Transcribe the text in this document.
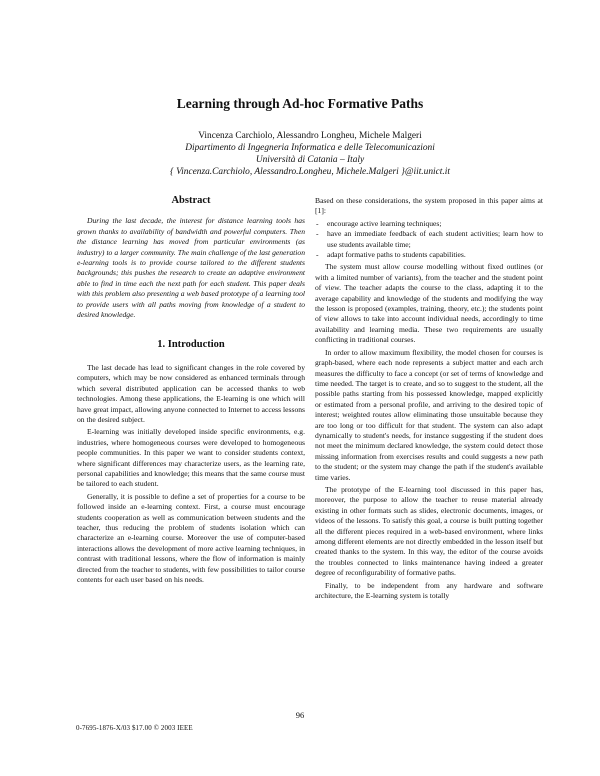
Learning through Ad-hoc Formative Paths
Vincenza Carchiolo, Alessandro Longheu, Michele Malgeri
Dipartimento di Ingegneria Informatica e delle Telecomunicazioni
Università di Catania – Italy
{ Vincenza.Carchiolo, Alessandro.Longheu, Michele.Malgeri }@iit.unict.it
Abstract

During the last decade, the interest for distance learning tools has grown thanks to availability of bandwidth and powerful computers. Then the distance learning has moved from particular environments (as industry) to a larger community. The main challenge of the last generation e-learning tools is to provide course tailored to the different students backgrounds; this pushes the research to create an adaptive environment able to find in time each the next path for each student. This paper deals with this problem also presenting a web based prototype of a learning tool to provide users with all paths moving from knowledge of a student to desired knowledge.

1. Introduction

The last decade has lead to significant changes in the role covered by computers, which may be now considered as enhanced terminals through which several distributed application can be accessed thanks to web technologies. Among these applications, the E-learning is one which will have great impact, allowing anyone connected to Internet to access lessons on the desired subject.

E-learning was initially developed inside specific environments, e.g. industries, where homogeneous courses were developed to homogeneous people communities. In this paper we want to consider students context, where significant differences may characterize users, as the learning rate, personal capabilities and knowledge; this means that the same course must be tailored to each student.

Generally, it is possible to define a set of properties for a course to be followed inside an e-learning context. First, a course must encourage students cooperation as well as communication between students and the teacher, thus reducing the problem of students isolation which can characterize an e-learning course. Moreover the use of computer-based interactions allows the development of more active learning techniques, in contrast with traditional lessons, where the flow of information is mainly directed from the teacher to students, with few possibilities to tailor course contents for each user based on his needs.

Based on these considerations, the system proposed in this paper aims at [1]:

- encourage active learning techniques;
- have an immediate feedback of each student activities; learn how to use students available time;
- adapt formative paths to students capabilities.

The system must allow course modelling without fixed outlines (or with a limited number of variants), from the teacher and the student point of view. The teacher adapts the course to the class, adapting it to the average capability and knowledge of the students and modifying the way the lesson is proposed (examples, training, theory, etc.); the students point of view allows to take into account individual needs, accordingly to time availability and learning media. These two requirements are usually conflicting in traditional courses.

In order to allow maximum flexibility, the model chosen for courses is graph-based, where each node represents a subject matter and each arch measures the difficulty to face a concept (or set of terms of knowledge and time needed. The target is to create, and so to suggest to the student, all the possible paths starting from his possessed knowledge, mapped explicitly or estimated from a personal profile, and arriving to the desired topic of interest; weighted routes allow eliminating those unsuitable because they are too long or too difficult for that student. The system can also adapt dynamically to student's needs, for instance suggesting if the student does not meet the minimum declared knowledge, the system could detect those missing information from exercises results and could suggests a new path to the student; or the system may change the path if the student's available time varies.

The prototype of the E-learning tool discussed in this paper has, moreover, the purpose to allow the teacher to reuse material already existing in other formats such as slides, electronic documents, images, or videos of the lessons. To satisfy this goal, a course is built putting together all the different pieces required in a web-based environment, where links among different elements are not directly embedded in the lesson itself but created thanks to the system. In this way, the editor of the course avoids the troubles connected to links maintenance having indeed a greater degree of reconfigurability of formative paths.

Finally, to be independent from any hardware and software architecture, the E-learning system is totally

96
0-7695-1876-X/03 $17.00 © 2003 IEEE
